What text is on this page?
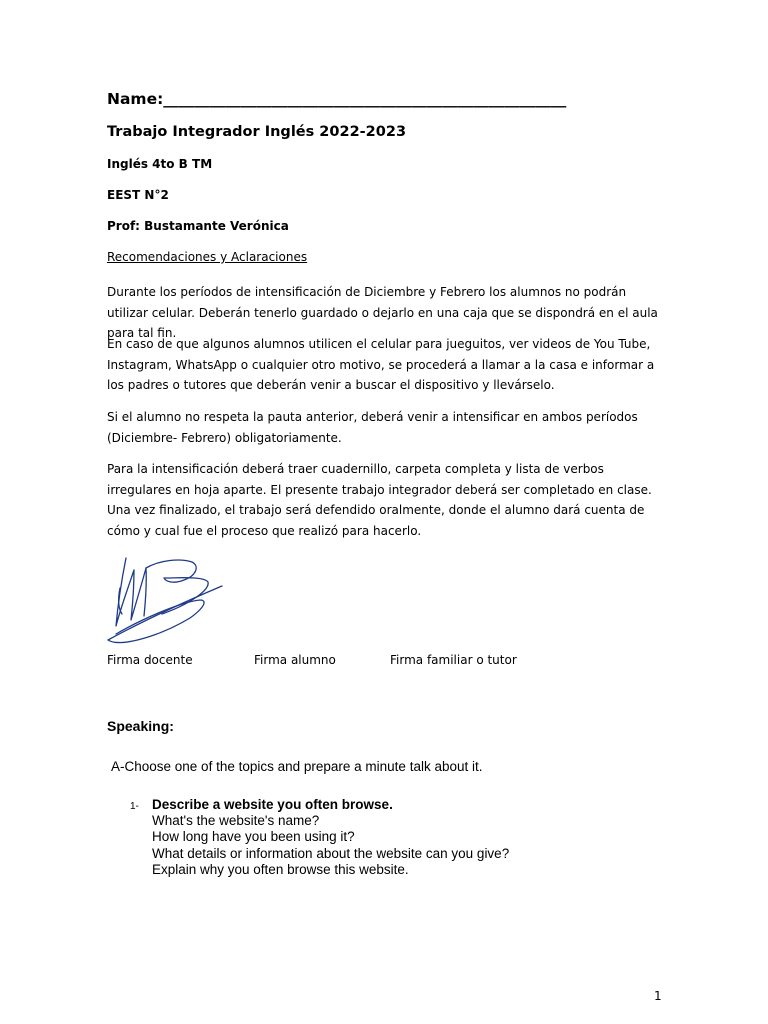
Name:____________________________________________________
Trabajo Integrador Inglés 2022-2023
Inglés 4to B TM
EEST N°2
Prof: Bustamante Verónica
Recomendaciones y Aclaraciones
Durante los períodos de intensificación de Diciembre y Febrero los alumnos no podrán utilizar celular. Deberán tenerlo guardado o dejarlo en una caja que se dispondrá en el aula para tal fin.
En caso de que algunos alumnos utilicen el celular para jueguitos, ver videos de You Tube, Instagram, WhatsApp o cualquier otro motivo, se procederá a llamar a la casa e informar a los padres o tutores que deberán venir a buscar el dispositivo y llevárselo.
Si el alumno no respeta la pauta anterior, deberá venir a intensificar en ambos períodos (Diciembre- Febrero) obligatoriamente.
Para la intensificación deberá traer cuadernillo, carpeta completa y lista de verbos irregulares en hoja aparte. El presente trabajo integrador deberá ser completado en clase. Una vez finalizado, el trabajo será defendido oralmente, donde el alumno dará cuenta de cómo y cual fue el proceso que realizó para hacerlo.
Firma docente	Firma alumno	Firma familiar o tutor
Speaking:
A-Choose one of the topics and prepare a minute talk about it.
1- Describe a website you often browse.
What's the website's name?
How long have you been using it?
What details or information about the website can you give?
Explain why you often browse this website.
1
